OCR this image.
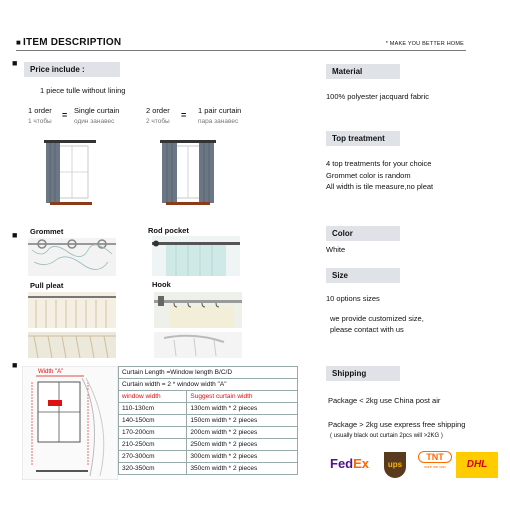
■ ITEM DESCRIPTION	* MAKE YOU BETTER HOME
■
Price include :
1 piece tulle without lining
1 order
1 чтобы
= Single curtain
один занавес
2 order
2 чтобы
= 1 pair curtain
пара занавес
■ Grommet	Rod pocket
Pull pleat	Hook
■
Width "A"	Curtain Length =Window length B/C/D	
Curtain width = 2 * window width "A"	
window width	Suggest curtain width
110-130cm	130cm width * 2 pieces
140-150cm	150cm width * 2 pieces
170-200cm	200cm width * 2 pieces
210-250cm	250cm width * 2 pieces
270-300cm	300cm width * 2 pieces
320-350cm	350cm width * 2 pieces
Material
100% polyester jacquard fabric
Top treatment
4 top treatments for your choice
Grommet color is random
All width is tile measure,no pleat
Color
White
Size
10 options sizes
we provide customized size,
please contact with us
Shipping
Package < 2kg use China post air
Package > 2kg use express free shipping
( usually black out curtain 2pcs will >2KG )
FedEx	ups
TNT
sure we can	DHL
